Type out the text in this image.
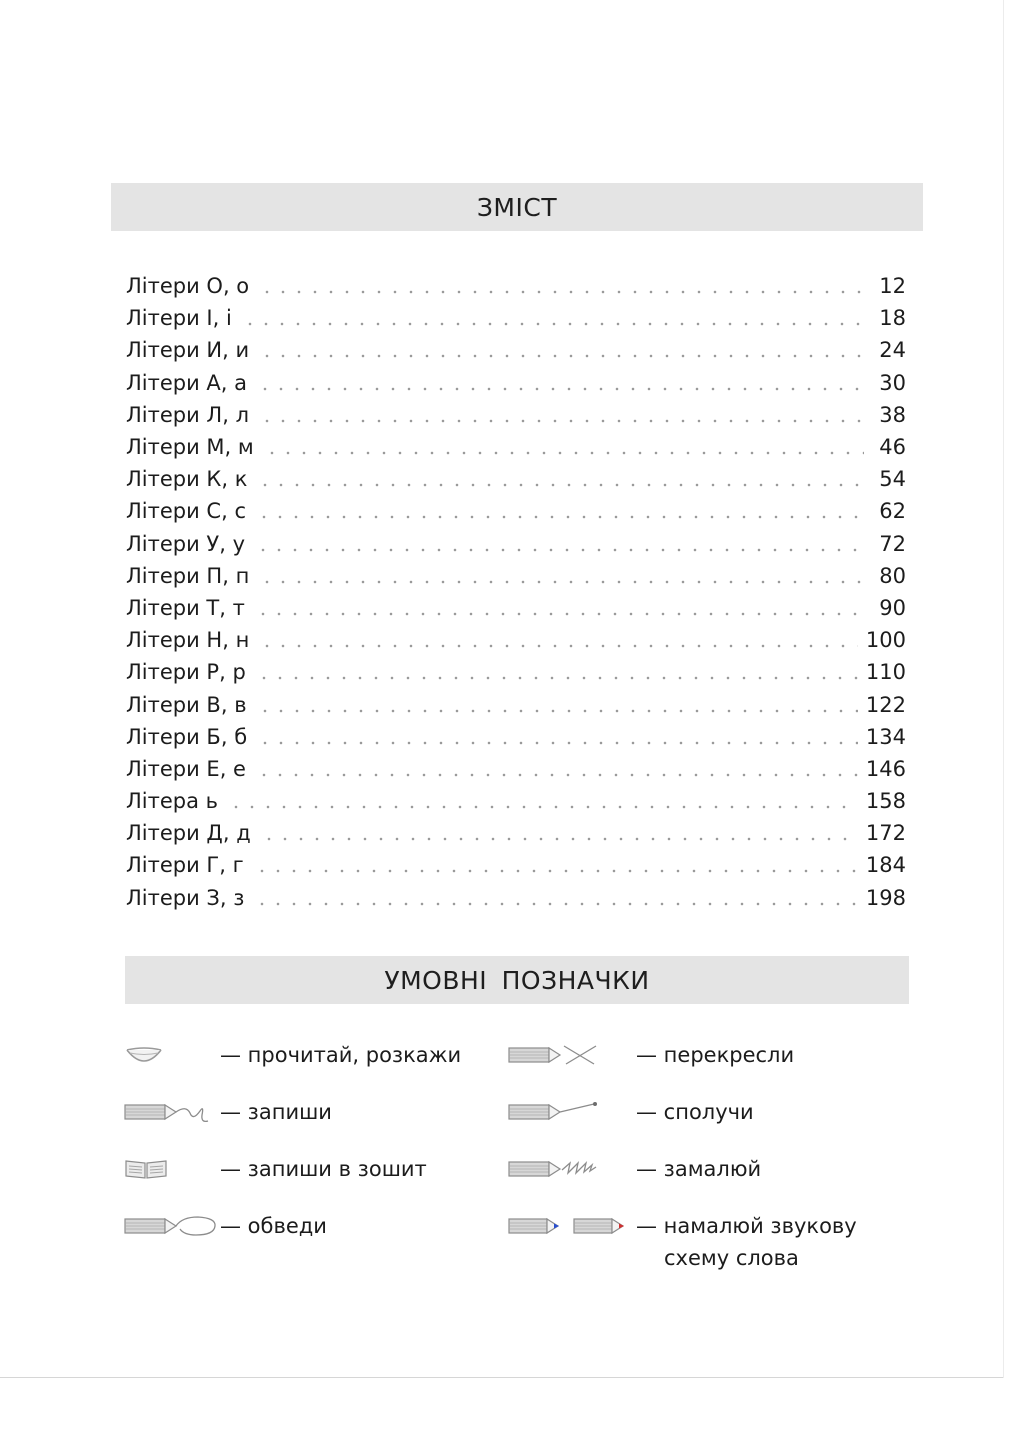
ЗМІСТ
Літери О, о	12
Літери І, і	18
Літери И, и	24
Літери А, а	30
Літери Л, л	38
Літери М, м	46
Літери К, к	54
Літери С, с	62
Літери У, у	72
Літери П, п	80
Літери Т, т	90
Літери Н, н	100
Літери Р, р	110
Літери В, в	122
Літери Б, б	134
Літери Е, е	146
Літера ь	158
Літери Д, д	172
Літери Г, г	184
Літери З, з	198
УМОВНІ ПОЗНАЧКИ
— прочитай, розкажи
— запиши
— запиши в зошит
— обведи
— перекресли
— сполучи
— замалюй
— намалюй звукову
схему слова
